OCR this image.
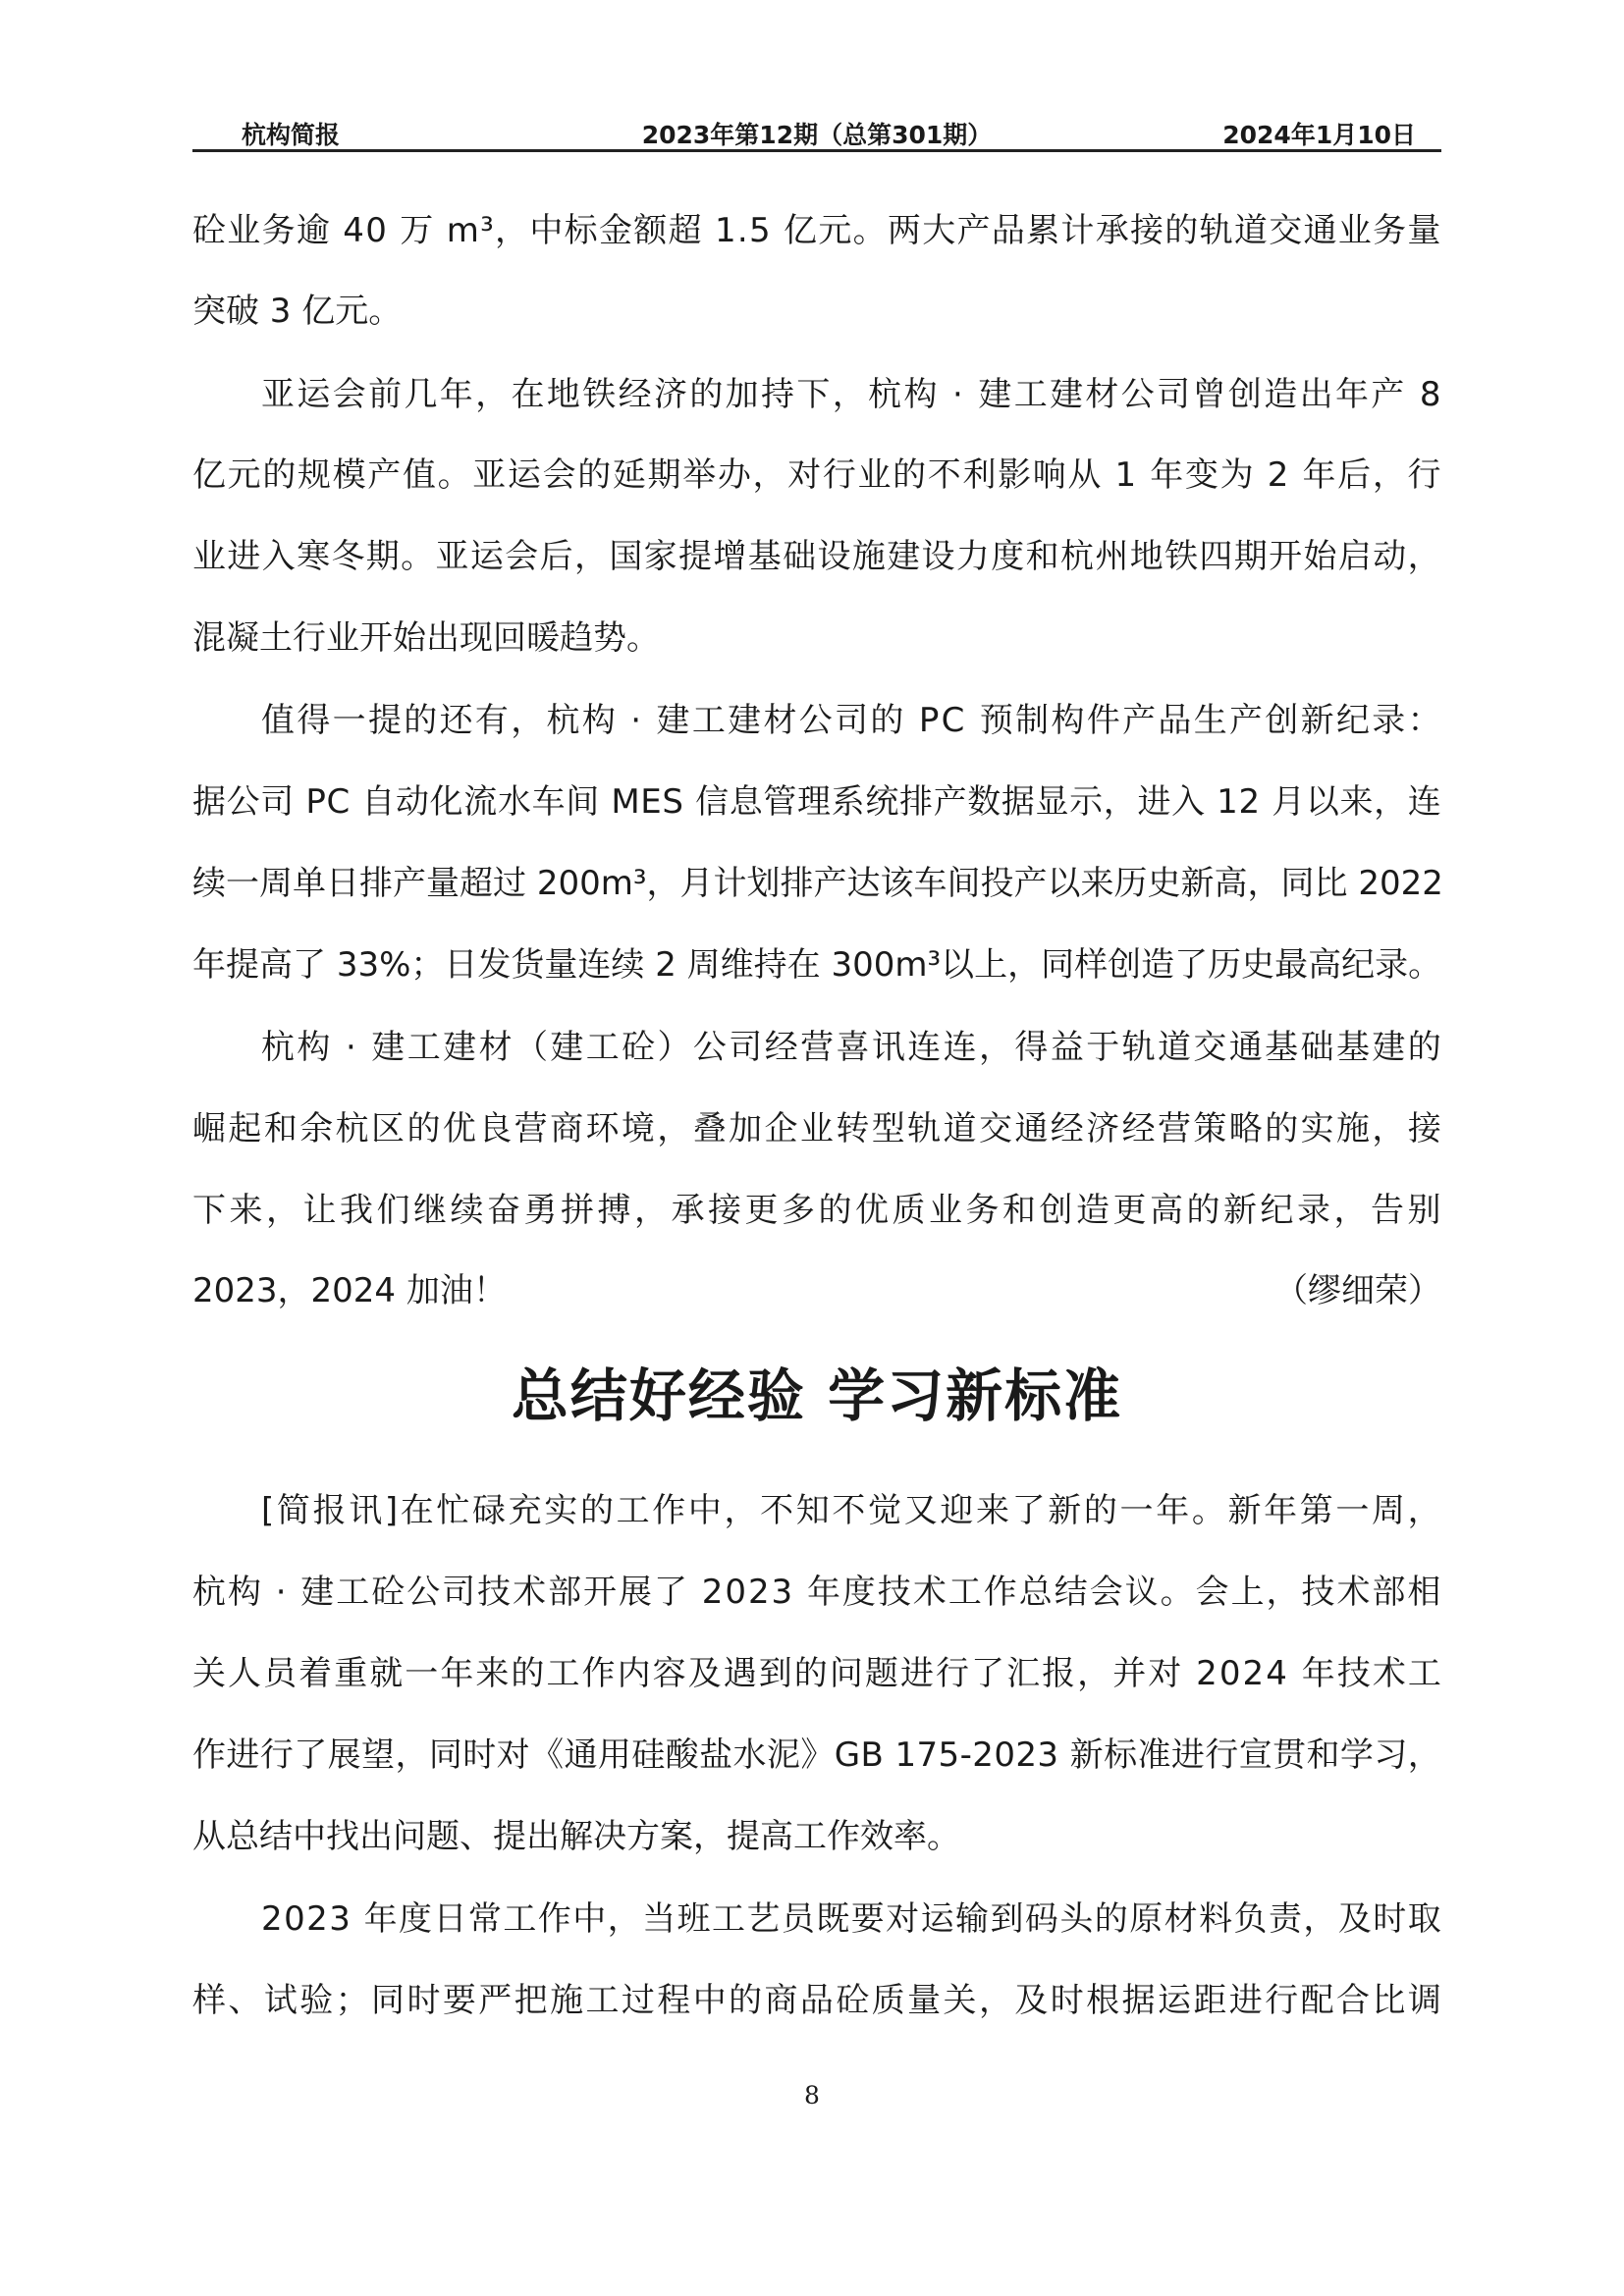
杭构简报	2023年第12期（总第301期）	2024年1月10日

砼 业 务 逾
4 0
万
m ³ ， 中 标 金 额 超
1 . 5
亿 元 。 两 大 产 品 累 计 承 接 的 轨 道 交 通 业 务 量

突破 3 亿元。

亚 运 会 前 几 年 ， 在 地 铁 经 济 的 加 持 下 ， 杭 构
·
建 工 建 材 公 司 曾 创 造 出 年 产
8

亿 元 的 规 模 产 值 。 亚 运 会 的 延 期 举 办 ， 对 行 业 的 不 利 影 响 从
1
年 变 为
2
年 后 ， 行

业 进 入 寒 冬 期 。 亚 运 会 后 ， 国 家 提 增 基 础 设 施 建 设 力 度 和 杭 州 地 铁 四 期 开 始 启 动 ，

混凝土行业开始出现回暖趋势。

值 得 一 提 的 还 有 ， 杭 构
·
建 工 建 材 公 司 的
P C
预 制 构 件 产 品 生 产 创 新 纪 录 ：

据 公 司
P C
自 动 化 流 水 车 间
M E S
信 息 管 理 系 统 排 产 数 据 显 示 ， 进 入
1 2
月 以 来 ， 连

续 一 周 单 日 排 产 量 超 过
2 0 0 m ³ ， 月 计 划 排 产 达 该 车 间 投 产 以 来 历 史 新 高 ， 同 比
2 0 2 2

年 提 高 了
3 3 % ； 日 发 货 量 连 续
2
周 维 持 在
3 0 0 m ³ 以 上 ， 同 样 创 造 了 历 史 最 高 纪 录 。

杭 构
·
建 工 建 材 （ 建 工 砼 ） 公 司 经 营 喜 讯 连 连 ， 得 益 于 轨 道 交 通 基 础 基 建 的

崛 起 和 余 杭 区 的 优 良 营 商 环 境 ， 叠 加 企 业 转 型 轨 道 交 通 经 济 经 营 策 略 的 实 施 ， 接

下 来 ， 让 我 们 继 续 奋 勇 拼 搏 ， 承 接 更 多 的 优 质 业 务 和 创 造 更 高 的 新 纪 录 ， 告 别

2023，2024 加油！	（缪细荣）
总结好经验 学习新标准

[ 简 报 讯 ] 在 忙 碌 充 实 的 工 作 中 ， 不 知 不 觉 又 迎 来 了 新 的 一 年 。 新 年 第 一 周 ，

杭 构
·
建 工 砼 公 司 技 术 部 开 展 了
2 0 2 3
年 度 技 术 工 作 总 结 会 议 。 会 上 ， 技 术 部 相

关 人 员 着 重 就 一 年 来 的 工 作 内 容 及 遇 到 的 问 题 进 行 了 汇 报 ， 并 对
2 0 2 4
年 技 术 工

作 进 行 了 展 望 ， 同 时 对 《 通 用 硅 酸 盐 水 泥 》 G B
1 7 5 - 2 0 2 3
新 标 准 进 行 宣 贯 和 学 习 ，

从总结中找出问题、提出解决方案，提高工作效率。

2 0 2 3
年 度 日 常 工 作 中 ， 当 班 工 艺 员 既 要 对 运 输 到 码 头 的 原 材 料 负 责 ， 及 时 取

样 、 试 验 ； 同 时 要 严 把 施 工 过 程 中 的 商 品 砼 质 量 关 ， 及 时 根 据 运 距 进 行 配 合 比 调

8
